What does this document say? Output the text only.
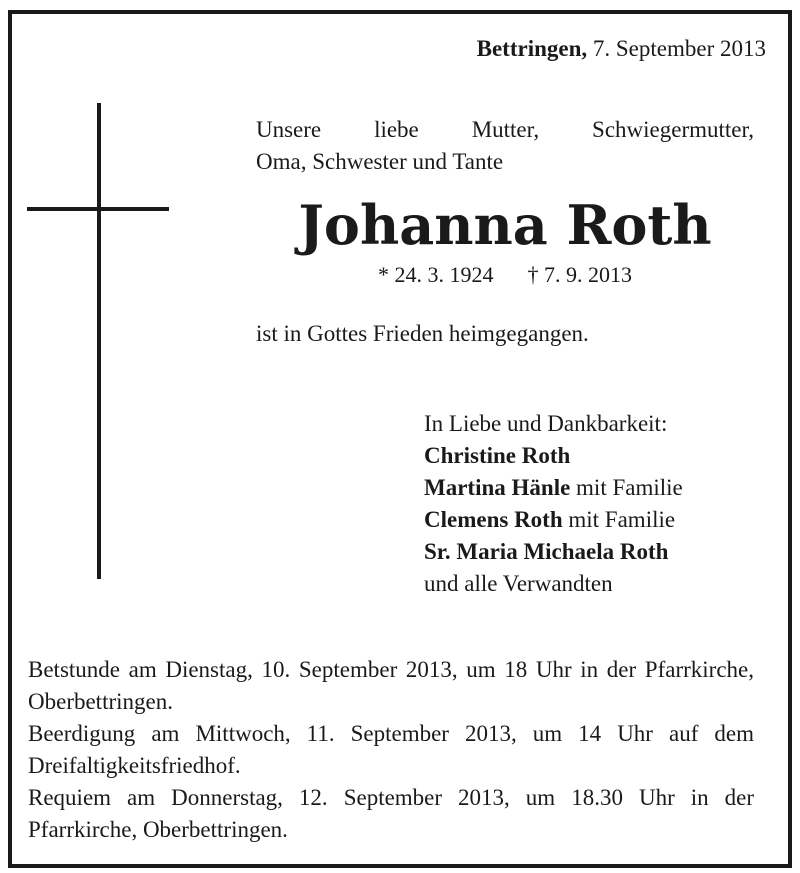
Bettringen, 7. September 2013
Unsere liebe Mutter, Schwiegermutter,
Oma, Schwester und Tante
Johanna Roth
* 24. 3. 1924 † 7. 9. 2013
ist in Gottes Frieden heimgegangen.
In Liebe und Dankbarkeit:
Christine Roth
Martina Hänle mit Familie
Clemens Roth mit Familie
Sr. Maria Michaela Roth
und alle Verwandten

Betstunde am Dienstag, 10. September 2013, um 18 Uhr in der Pfarrkirche, Oberbettringen.

Beerdigung am Mittwoch, 11. September 2013, um 14 Uhr auf dem Dreifaltigkeitsfriedhof.

Requiem am Donnerstag, 12. September 2013, um 18.30 Uhr in der Pfarrkirche, Oberbettringen.
